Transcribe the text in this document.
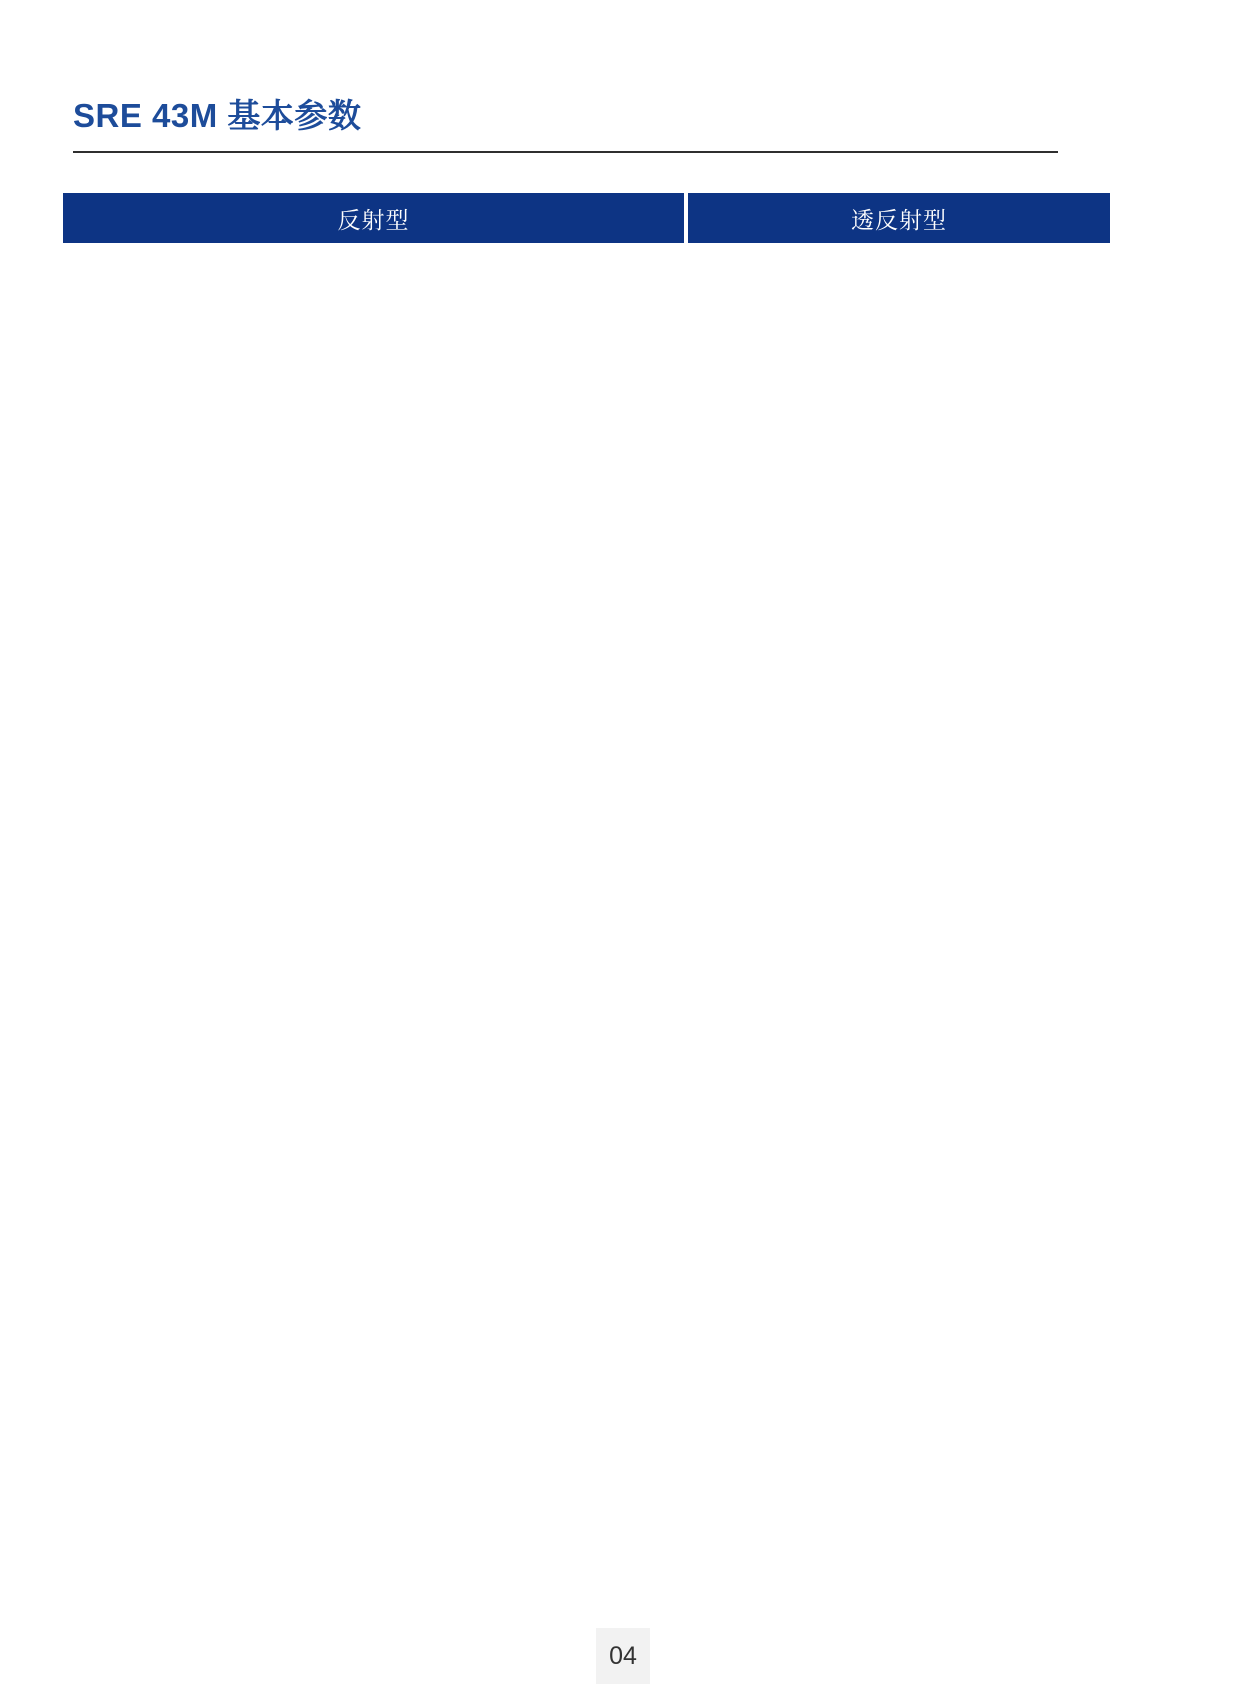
SRE 43M 基本参数
反射型	透反射型
04
